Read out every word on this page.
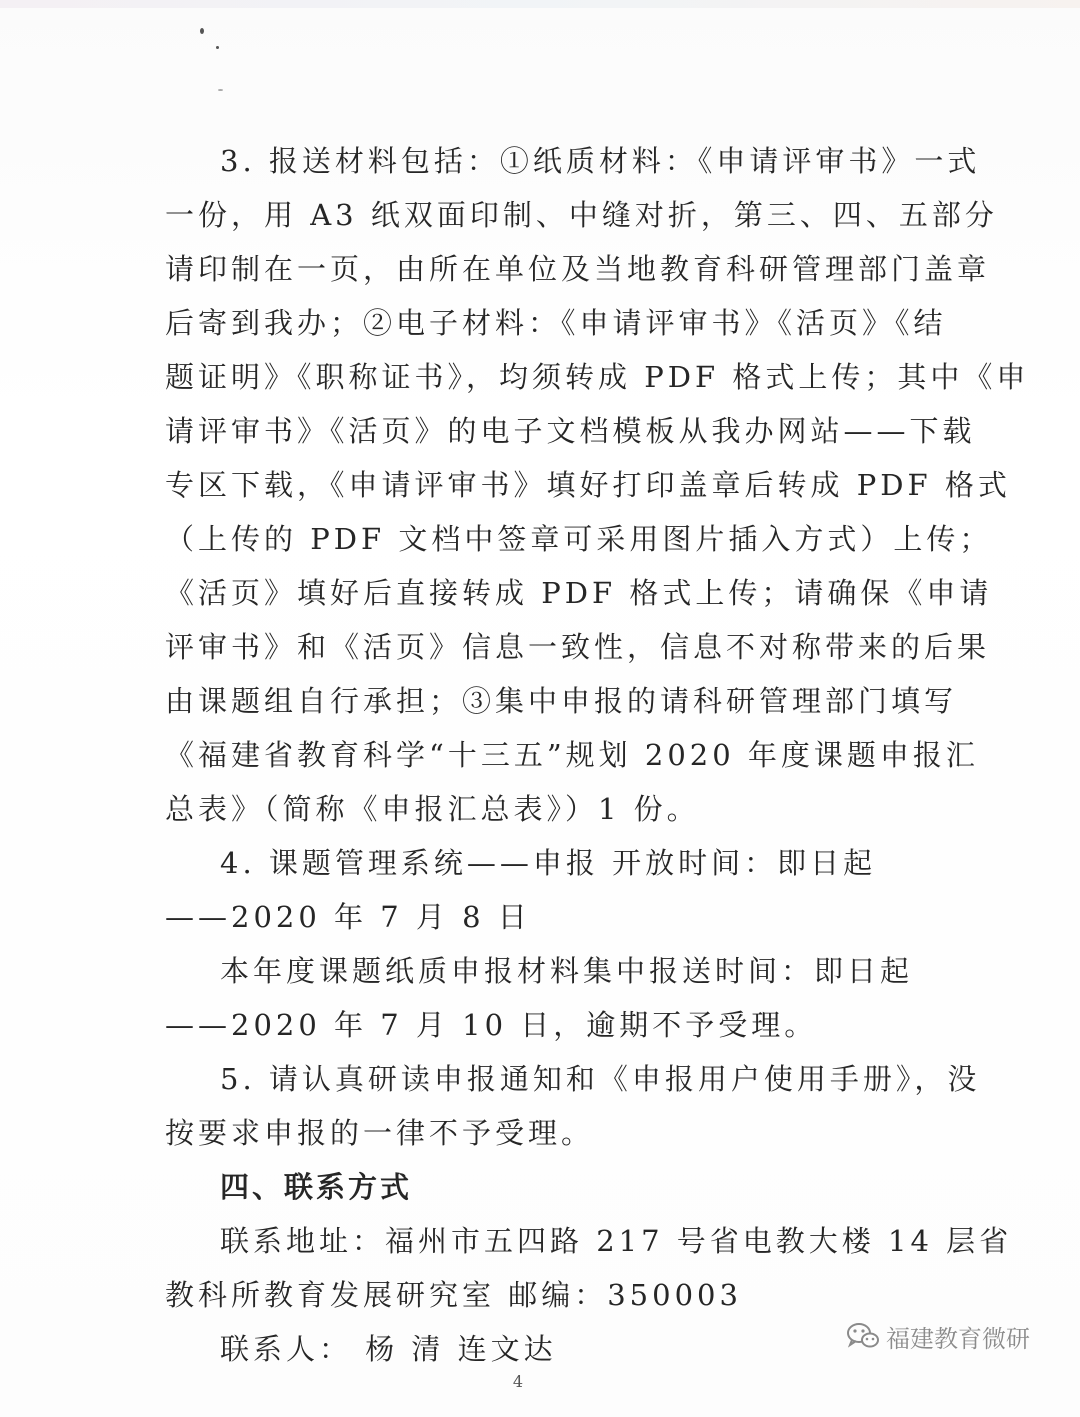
3. 报送材料包括：①纸质材料：《申请评审书》一式
一份，用 A3 纸双面印制、中缝对折，第三、四、五部分
请印制在一页，由所在单位及当地教育科研管理部门盖章
后寄到我办；②电子材料：《申请评审书》《活页》《结
题证明》《职称证书》，均须转成 PDF 格式上传；其中《申
请评审书》《活页》的电子文档模板从我办网站——下载
专区下载，《申请评审书》填好打印盖章后转成 PDF 格式
（上传的 PDF 文档中签章可采用图片插入方式）上传；
《活页》填好后直接转成 PDF 格式上传；请确保《申请
评审书》和《活页》信息一致性，信息不对称带来的后果
由课题组自行承担；③集中申报的请科研管理部门填写
《福建省教育科学“十三五”规划 2020 年度课题申报汇
总表》（简称《申报汇总表》）1 份。
4. 课题管理系统——申报 开放时间：即日起
——2020 年 7 月 8 日
本年度课题纸质申报材料集中报送时间：即日起
——2020 年 7 月 10 日，逾期不予受理。
5. 请认真研读申报通知和《申报用户使用手册》，没
按要求申报的一律不予受理。
四、联系方式
联系地址：福州市五四路 217 号省电教大楼 14 层省
教科所教育发展研究室 邮编：350003
联系人： 杨 清 连文达
4
福建教育微研
